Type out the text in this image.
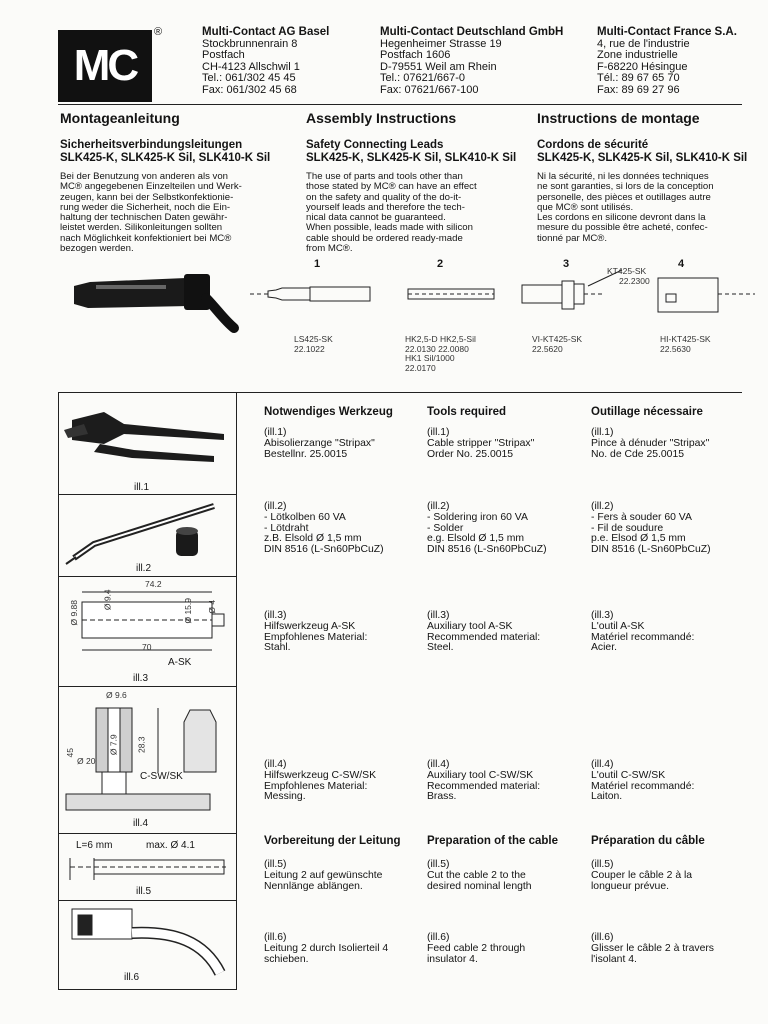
MC
®	Multi-Contact AG Basel
Stockbrunnenrain 8
Postfach
CH-4123 Allschwil 1
Tel.: 061/302 45 45
Fax: 061/302 45 68
Multi-Contact Deutschland GmbH
Hegenheimer Strasse 19
Postfach 1606
D-79551 Weil am Rhein
Tel.: 07621/667-0
Fax: 07621/667-100
Multi-Contact France S.A.
4, rue de l'industrie
Zone industrielle
F-68220 Hésingue
Tél.: 89 67 65 70
Fax: 89 69 27 96
Montageanleitung
Sicherheitsverbindungsleitungen
SLK425-K, SLK425-K Sil, SLK410-K Sil
Bei der Benutzung von anderen als von
MC® angegebenen Einzelteilen und Werk-
zeugen, kann bei der Selbstkonfektionie-
rung weder die Sicherheit, noch die Ein-
haltung der technischen Daten gewähr-
leistet werden. Silikonleitungen sollten
nach Möglichkeit konfektioniert bei MC®
bezogen werden.
Assembly Instructions
Safety Connecting Leads
SLK425-K, SLK425-K Sil, SLK410-K Sil
The use of parts and tools other than
those stated by MC® can have an effect
on the safety and quality of the do-it-
yourself leads and therefore the tech-
nical data cannot be guaranteed.
When possible, leads made with silicon
cable should be ordered ready-made
from MC®.
Instructions de montage
Cordons de sécurité
SLK425-K, SLK425-K Sil, SLK410-K Sil
Ni la sécurité, ni les données techniques
ne sont garanties, si lors de la conception
personelle, des pièces et outillages autre
que MC® sont utilisés.
Les cordons en silicone devront dans la
mesure du possible être acheté, confec-
tionné par MC®.
1	2	3	4
KT425-SK
22.2300
LS425-SK
22.1022
HK2,5-D HK2,5-Sil
22.0130 22.0080
HK1 Sil/1000
22.0170
VI-KT425-SK
22.5620
HI-KT425-SK
22.5630
ill.1
ill.2
74.2
Ø 9.88
Ø 9.4	Ø 15.9 Ø 4
70
A-SK
ill.3
Ø 9.6
45	Ø 7.9 28.3
Ø 20
C-SW/SK
ill.4
L=6 mm	max. Ø 4.1
ill.5
ill.6
Notwendiges Werkzeug
(ill.1)
Abisolierzange "Stripax"
Bestellnr. 25.0015
(ill.2)
- Lötkolben 60 VA
- Lötdraht
z.B. Elsold Ø 1,5 mm
DIN 8516 (L-Sn60PbCuZ)
(ill.3)
Hilfswerkzeug A-SK
Empfohlenes Material:
Stahl.
(ill.4)
Hilfswerkzeug C-SW/SK
Empfohlenes Material:
Messing.
Vorbereitung der Leitung
(ill.5)
Leitung 2 auf gewünschte
Nennlänge ablängen.
(ill.6)
Leitung 2 durch Isolierteil 4
schieben.
Tools required
(ill.1)
Cable stripper "Stripax"
Order No. 25.0015
(ill.2)
- Soldering iron 60 VA
- Solder
e.g. Elsold Ø 1,5 mm
DIN 8516 (L-Sn60PbCuZ)
(ill.3)
Auxiliary tool A-SK
Recommended material:
Steel.
(ill.4)
Auxiliary tool C-SW/SK
Recommended material:
Brass.
Preparation of the cable
(ill.5)
Cut the cable 2 to the
desired nominal length
(ill.6)
Feed cable 2 through
insulator 4.
Outillage nécessaire
(ill.1)
Pince à dénuder "Stripax"
No. de Cde 25.0015
(ill.2)
- Fers à souder 60 VA
- Fil de soudure
p.e. Elsod Ø 1,5 mm
DIN 8516 (L-Sn60PbCuZ)
(ill.3)
L'outil A-SK
Matériel recommandé:
Acier.
(ill.4)
L'outil C-SW/SK
Matériel recommandé:
Laiton.
Préparation du câble
(ill.5)
Couper le câble 2 à la
longueur prévue.
(ill.6)
Glisser le câble 2 à travers
l'isolant 4.
